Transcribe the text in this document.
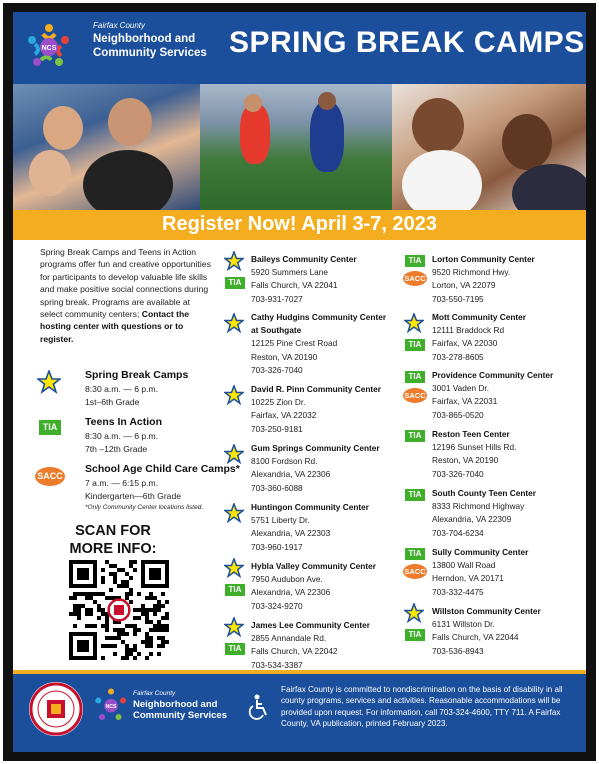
NCS
Fairfax County
Neighborhood and
Community Services SPRING BREAK CAMPS
Register Now! April 3-7, 2023
Spring Break Camps and Teens in Action programs offer fun and creative opportunities for participants to develop valuable life skills and make positive social connections during spring break. Programs are available at select community centers; Contact the hosting center with questions or to register.
Spring Break Camps
8:30 a.m. — 6 p.m.
1st–6th Grade
TIA	Teens In Action
8:30 a.m. — 6 p.m.
7th –12th Grade
SACC
School Age Child Care Camps*
7 a.m. — 6:15 p.m.
Kindergarten—6th Grade
*Only Community Center locations listed.
SCAN FOR
MORE INFO:
TIA
Baileys Community Center
5920 Summers Lane
Falls Church, VA 22041
703-931-7027
Cathy Hudgins Community Center
at Southgate
12125 Pine Crest Road
Reston, VA 20190
703-326-7040
David R. Pinn Community Center
10225 Zion Dr.
Fairfax, VA 22032
703-250-9181
Gum Springs Community Center
8100 Fordson Rd.
Alexandria, VA 22306
703-360-6088
Huntingon Community Center
5751 Liberty Dr.
Alexandria, VA 22303
703-960-1917
TIA
Hybla Valley Community Center
7950 Audubon Ave.
Alexandria, VA 22306
703-324-9270
TIA
James Lee Community Center
2855 Annandale Rd.
Falls Church, VA 22042
703-534-3387
TIA
SACC
Lorton Community Center
9520 Richmond Hwy.
Lorton, VA 22079
703-550-7195
TIA
Mott Community Center
12111 Braddock Rd
Fairfax, VA 22030
703-278-8605
TIA
SACC
Providence Community Center
3001 Vaden Dr.
Fairfax, VA 22031
703-865-0520
TIA	Reston Teen Center
12196 Sunset Hills Rd.
Reston, VA 20190
703-326-7040
TIA	South County Teen Center
8333 Richmond Highway
Alexandria, VA 22309
703-704-6234
TIA
SACC
Sully Community Center
13800 Wall Road
Herndon, VA 20171
703-332-4475
TIA
Willston Community Center
6131 Willston Dr.
Falls Church, VA 22044
703-536-8943
NCS
Fairfax County
Neighborhood and
Community Services
Fairfax County is committed to nondiscrimination on the basis of disability in all county programs, services and activities. Reasonable accommodations will be provided upon request. For information, call 703-324-4600, TTY 711. A Fairfax County, VA publication, printed February 2023.
